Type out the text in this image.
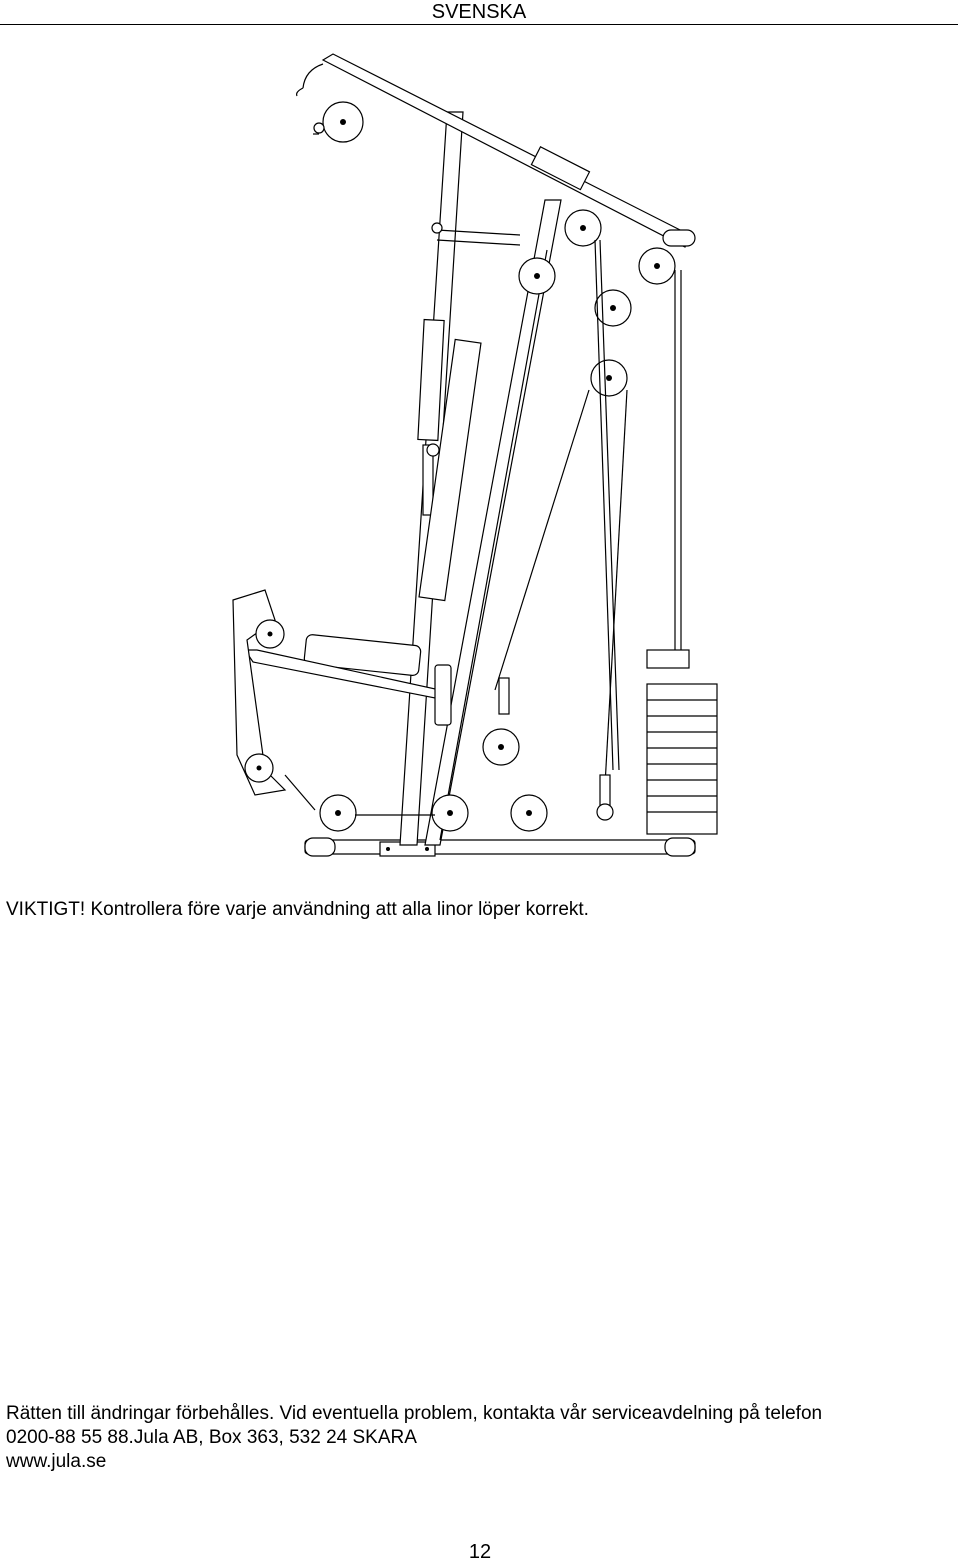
SVENSKA
VIKTIGT! Kontrollera före varje användning att alla linor löper korrekt.

Rätten till ändringar förbehålles. Vid eventuella problem, kontakta vår serviceavdelning på telefon

0200-88 55 88.Jula AB, Box 363, 532 24 SKARA

www.jula.se

12
